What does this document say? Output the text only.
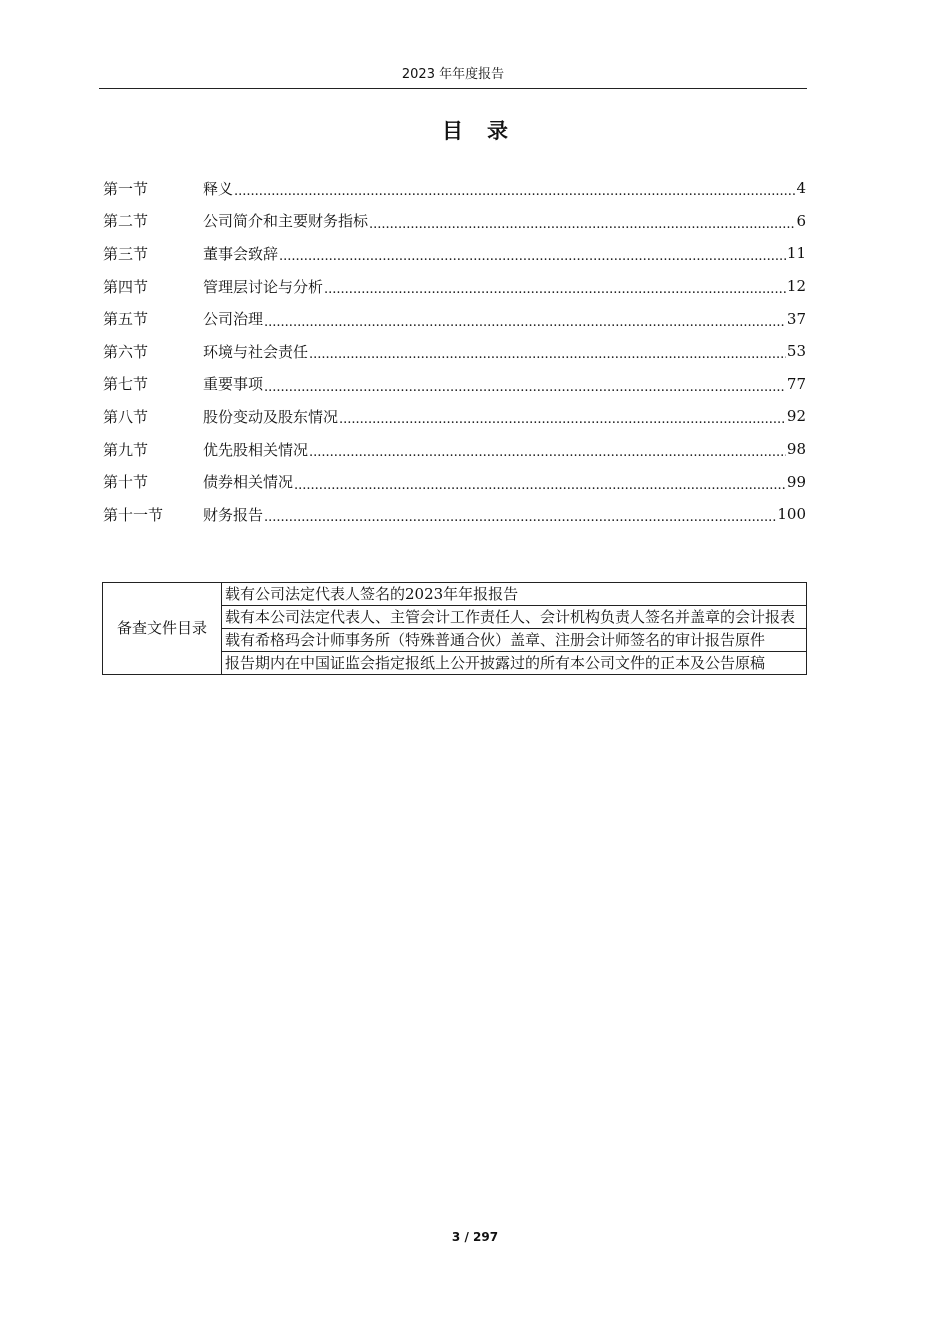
2023 年年度报告
目 录
第一节	释义 .....	4
第二节	公司简介和主要财务指标 .....	6
第三节	董事会致辞 .....	11
第四节	管理层讨论与分析 .....	12
第五节	公司治理 .....	37
第六节	环境与社会责任 .....	53
第七节	重要事项 .....	77
第八节	股份变动及股东情况 .....	92
第九节	优先股相关情况 .....	98
第十节	债券相关情况 .....	99
第十一节	财务报告 .....	100
备查文件目录	载有公司法定代表人签名的2023年年报报告
载有本公司法定代表人、主管会计工作责任人、会计机构负责人签名并盖章的会计报表
载有希格玛会计师事务所（特殊普通合伙）盖章、注册会计师签名的审计报告原件
报告期内在中国证监会指定报纸上公开披露过的所有本公司文件的正本及公告原稿
3 / 297
